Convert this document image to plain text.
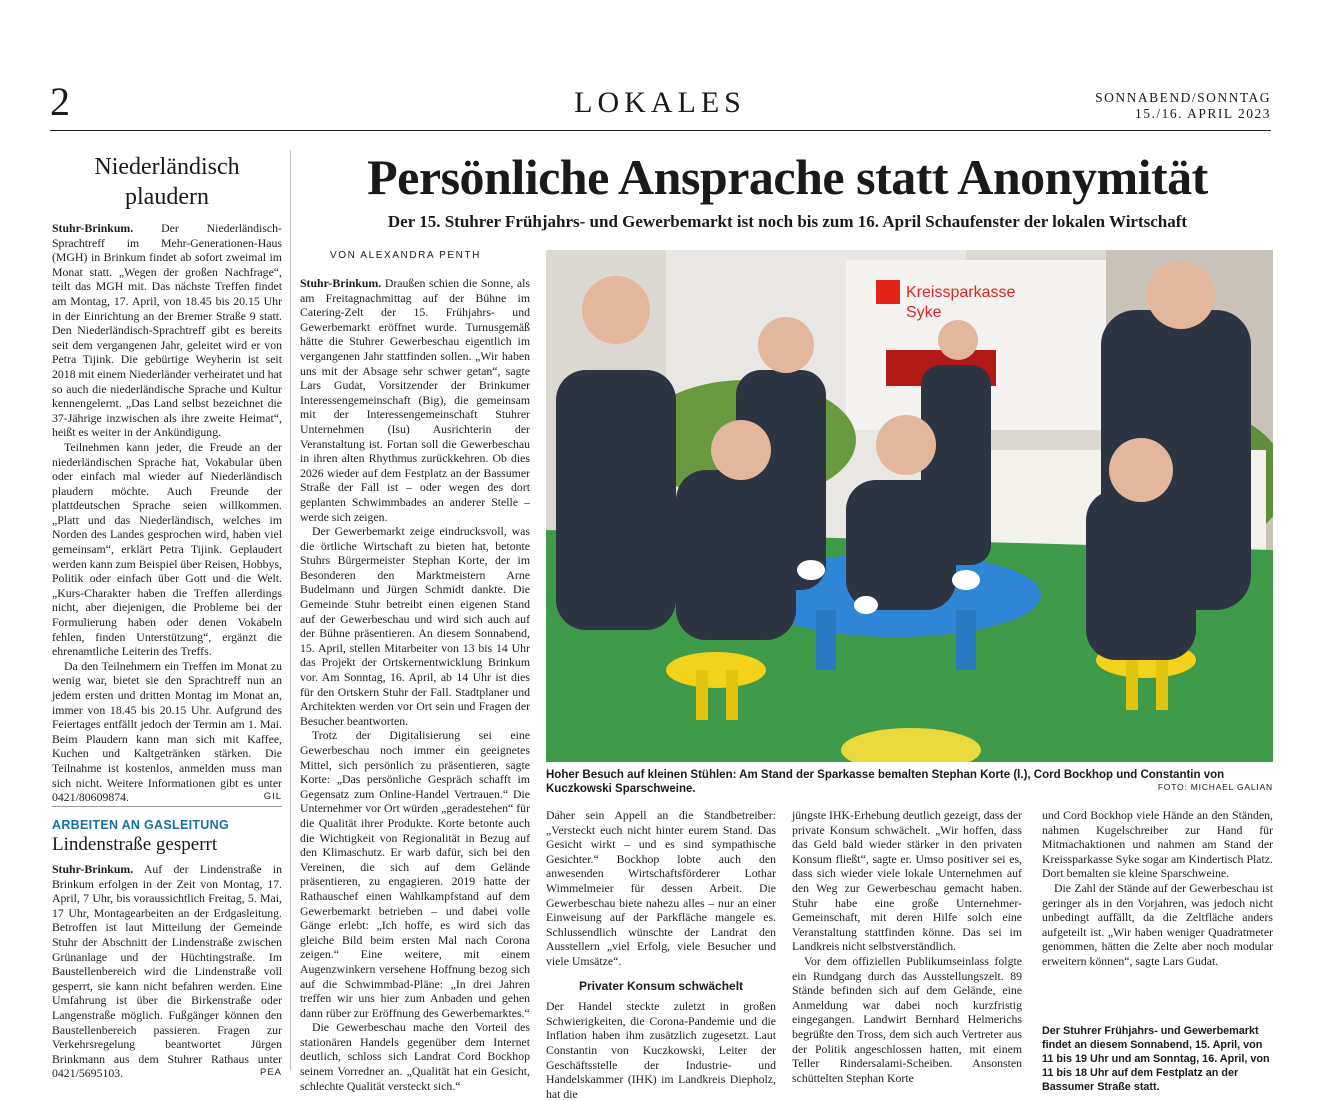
2	LOKALES	SONNABEND/SONNTAG
15./16. APRIL 2023
Niederländisch plaudern

Stuhr-Brinkum. Der Niederländisch-Sprachtreff im Mehr-Generationen-Haus (MGH) in Brinkum findet ab sofort zweimal im Monat statt. „Wegen der großen Nachfrage“, teilt das MGH mit. Das nächste Treffen findet am Montag, 17. April, von 18.45 bis 20.15 Uhr in der Einrichtung an der Bremer Straße 9 statt. Den Niederländisch-Sprachtreff gibt es bereits seit dem vergangenen Jahr, geleitet wird er von Petra Tijink. Die gebürtige Weyherin ist seit 2018 mit einem Niederländer verheiratet und hat so auch die niederländische Sprache und Kultur kennengelernt. „Das Land selbst bezeichnet die 37-Jährige inzwischen als ihre zweite Heimat“, heißt es weiter in der Ankündigung.

Teilnehmen kann jeder, die Freude an der niederländischen Sprache hat, Vokabular üben oder einfach mal wieder auf Niederländisch plaudern möchte. Auch Freunde der plattdeutschen Sprache seien willkommen. „Platt und das Niederländisch, welches im Norden des Landes gesprochen wird, haben viel gemeinsam“, erklärt Petra Tijink. Geplaudert werden kann zum Beispiel über Reisen, Hobbys, Politik oder einfach über Gott und die Welt. „Kurs-Charakter haben die Treffen allerdings nicht, aber diejenigen, die Probleme bei der Formulierung haben oder denen Vokabeln fehlen, finden Unterstützung“, ergänzt die ehrenamtliche Leiterin des Treffs.

Da den Teilnehmern ein Treffen im Monat zu wenig war, bietet sie den Sprachtreff nun an jedem ersten und dritten Montag im Monat an, immer von 18.45 bis 20.15 Uhr. Aufgrund des Feiertages entfällt jedoch der Termin am 1. Mai. Beim Plaudern kann man sich mit Kaffee, Kuchen und Kaltgetränken stärken. Die Teilnahme ist kostenlos, anmelden muss man sich nicht. Weitere Informationen gibt es unter 0421/80609874.	GIL

ARBEITEN AN GASLEITUNG
Lindenstraße gesperrt

Stuhr-Brinkum. Auf der Lindenstraße in Brinkum erfolgen in der Zeit von Montag, 17. April, 7 Uhr, bis voraussichtlich Freitag, 5. Mai, 17 Uhr, Montagearbeiten an der Erdgasleitung. Betroffen ist laut Mitteilung der Gemeinde Stuhr der Abschnitt der Lindenstraße zwischen Grünanlage und der Hüchtingstraße. Im Baustellenbereich wird die Lindenstraße voll gesperrt, sie kann nicht befahren werden. Eine Umfahrung ist über die Birkenstraße oder Langenstraße möglich. Fußgänger können den Baustellenbereich passieren. Fragen zur Verkehrsregelung beantwortet Jürgen Brinkmann aus dem Stuhrer Rathaus unter 0421/5695103.	PEA

Persönliche Ansprache statt Anonymität
Der 15. Stuhrer Frühjahrs- und Gewerbemarkt ist noch bis zum 16. April Schaufenster der lokalen Wirtschaft
VON ALEXANDRA PENTH

Stuhr-Brinkum. Draußen schien die Sonne, als am Freitagnachmittag auf der Bühne im Catering-Zelt der 15. Frühjahrs- und Gewerbemarkt eröffnet wurde. Turnusgemäß hätte die Stuhrer Gewerbeschau eigentlich im vergangenen Jahr stattfinden sollen. „Wir haben uns mit der Absage sehr schwer getan“, sagte Lars Gudat, Vorsitzender der Brinkumer Interessengemeinschaft (Big), die gemeinsam mit der Interessengemeinschaft Stuhrer Unternehmen (Isu) Ausrichterin der Veranstaltung ist. Fortan soll die Gewerbeschau in ihren alten Rhythmus zurückkehren. Ob dies 2026 wieder auf dem Festplatz an der Bassumer Straße der Fall ist – oder wegen des dort geplanten Schwimmbades an anderer Stelle – werde sich zeigen.

Der Gewerbemarkt zeige eindrucksvoll, was die örtliche Wirtschaft zu bieten hat, betonte Stuhrs Bürgermeister Stephan Korte, der im Besonderen den Marktmeistern Arne Budelmann und Jürgen Schmidt dankte. Die Gemeinde Stuhr betreibt einen eigenen Stand auf der Gewerbeschau und wird sich auch auf der Bühne präsentieren. An diesem Sonnabend, 15. April, stellen Mitarbeiter von 13 bis 14 Uhr das Projekt der Ortskernentwicklung Brinkum vor. Am Sonntag, 16. April, ab 14 Uhr ist dies für den Ortskern Stuhr der Fall. Stadtplaner und Architekten werden vor Ort sein und Fragen der Besucher beantworten.

Trotz der Digitalisierung sei eine Gewerbeschau noch immer ein geeignetes Mittel, sich persönlich zu präsentieren, sagte Korte: „Das persönliche Gespräch schafft im Gegensatz zum Online-Handel Vertrauen.“ Die Unternehmer vor Ort würden „geradestehen“ für die Qualität ihrer Produkte. Korte betonte auch die Wichtigkeit von Regionalität in Bezug auf den Klimaschutz. Er warb dafür, sich bei den Vereinen, die sich auf dem Gelände präsentieren, zu engagieren. 2019 hatte der Rathauschef einen Wahlkampfstand auf dem Gewerbemarkt betrieben – und dabei volle Gänge erlebt: „Ich hoffe, es wird sich das gleiche Bild beim ersten Mal nach Corona zeigen.“ Eine weitere, mit einem Augenzwinkern versehene Hoffnung bezog sich auf die Schwimmbad-Pläne: „In drei Jahren treffen wir uns hier zum Anbaden und gehen dann rüber zur Eröffnung des Gewerbemarktes.“

Die Gewerbeschau mache den Vorteil des stationären Handels gegenüber dem Internet deutlich, schloss sich Landrat Cord Bockhop seinem Vorredner an. „Qualität hat ein Gesicht, schlechte Qualität versteckt sich.“

Kreissparkasse
Syke
Hoher Besuch auf kleinen Stühlen: Am Stand der Sparkasse bemalten Stephan Korte (l.), Cord Bockhop und Constantin von Kuczkowski Sparschweine.	FOTO: MICHAEL GALIAN

Daher sein Appell an die Standbetreiber: „Versteckt euch nicht hinter eurem Stand. Das Gesicht wirkt – und es sind sympathische Gesichter.“ Bockhop lobte auch den anwesenden Wirtschaftsförderer Lothar Wimmelmeier für dessen Arbeit. Die Gewerbeschau biete nahezu alles – nur an einer Einweisung auf der Parkfläche mangele es. Schlussendlich wünschte der Landrat den Ausstellern „viel Erfolg, viele Besucher und viele Umsätze“.

Privater Konsum schwächelt

Der Handel steckte zuletzt in großen Schwierigkeiten, die Corona-Pandemie und die Inflation haben ihm zusätzlich zugesetzt. Laut Constantin von Kuczkowski, Leiter der Geschäftsstelle der Industrie- und Handelskammer (IHK) im Landkreis Diepholz, hat die

jüngste IHK-Erhebung deutlich gezeigt, dass der private Konsum schwächelt. „Wir hoffen, dass das Geld bald wieder stärker in den privaten Konsum fließt“, sagte er. Umso positiver sei es, dass sich wieder viele lokale Unternehmen auf den Weg zur Gewerbeschau gemacht haben. Stuhr habe eine große Unternehmer-Gemeinschaft, mit deren Hilfe solch eine Veranstaltung stattfinden könne. Das sei im Landkreis nicht selbstverständlich.

Vor dem offiziellen Publikumseinlass folgte ein Rundgang durch das Ausstellungszelt. 89 Stände befinden sich auf dem Gelände, eine Anmeldung war dabei noch kurzfristig eingegangen. Landwirt Bernhard Helmerichs begrüßte den Tross, dem sich auch Vertreter aus der Politik angeschlossen hatten, mit einem Teller Rindersalami-Scheiben. Ansonsten schüttelten Stephan Korte

und Cord Bockhop viele Hände an den Ständen, nahmen Kugelschreiber zur Hand für Mitmachaktionen und nahmen am Stand der Kreissparkasse Syke sogar am Kindertisch Platz. Dort bemalten sie kleine Sparschweine.

Die Zahl der Stände auf der Gewerbeschau ist geringer als in den Vorjahren, was jedoch nicht unbedingt auffällt, da die Zeltfläche anders aufgeteilt ist. „Wir haben weniger Quadratmeter genommen, hätten die Zelte aber noch modular erweitern können“, sagte Lars Gudat.

Der Stuhrer Frühjahrs- und Gewerbemarkt findet an diesem Sonnabend, 15. April, von 11 bis 19 Uhr und am Sonntag, 16. April, von 11 bis 18 Uhr auf dem Festplatz an der Bassumer Straße statt.
